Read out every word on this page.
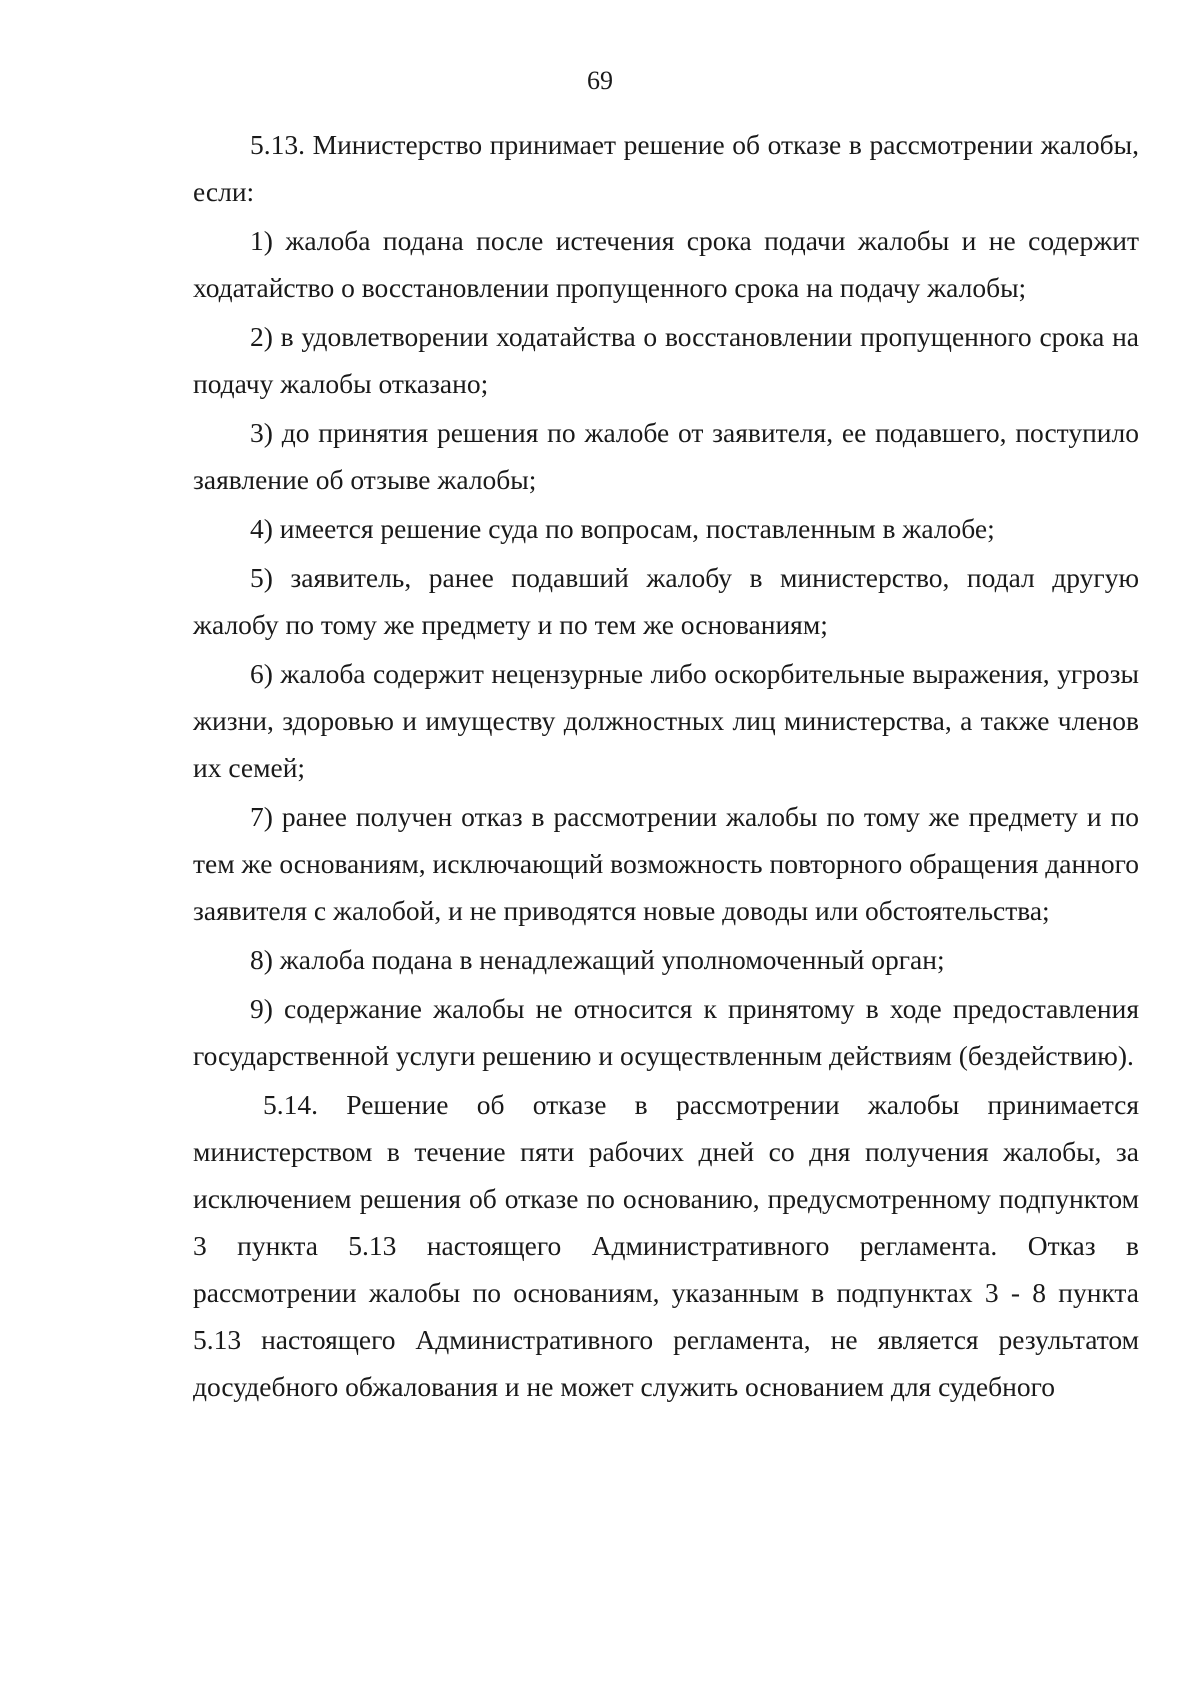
69

5.13. Министерство принимает решение об отказе в рассмотрении жалобы, если:

1) жалоба подана после истечения срока подачи жалобы и не содержит ходатайство о восстановлении пропущенного срока на подачу жалобы;

2) в удовлетворении ходатайства о восстановлении пропущенного срока на подачу жалобы отказано;

3) до принятия решения по жалобе от заявителя, ее подавшего, поступило заявление об отзыве жалобы;

4) имеется решение суда по вопросам, поставленным в жалобе;

5) заявитель, ранее подавший жалобу в министерство, подал другую жалобу по тому же предмету и по тем же основаниям;

6) жалоба содержит нецензурные либо оскорбительные выражения, угрозы жизни, здоровью и имуществу должностных лиц министерства, а также членов их семей;

7) ранее получен отказ в рассмотрении жалобы по тому же предмету и по тем же основаниям, исключающий возможность повторного обращения данного заявителя с жалобой, и не приводятся новые доводы или обстоятельства;

8) жалоба подана в ненадлежащий уполномоченный орган;

9) содержание жалобы не относится к принятому в ходе предоставления государственной услуги решению и осуществленным действиям (бездействию).

5.14. Решение об отказе в рассмотрении жалобы принимается министерством в течение пяти рабочих дней со дня получения жалобы, за исключением решения об отказе по основанию, предусмотренному подпунктом 3 пункта 5.13 настоящего Административного регламента. Отказ в рассмотрении жалобы по основаниям, указанным в подпунктах 3 - 8 пункта 5.13 настоящего Административного регламента, не является результатом досудебного обжалования и не может служить основанием для судебного
